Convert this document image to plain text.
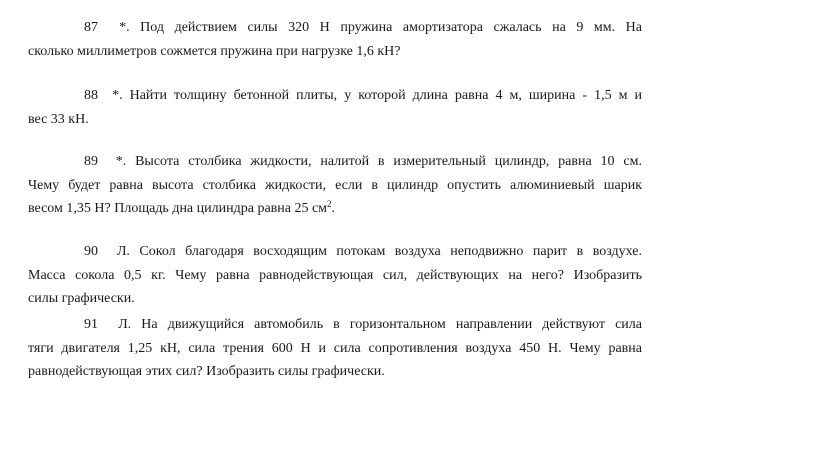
87 *. Под действием силы 320 Н пружина амортизатора сжалась на 9 мм. На
сколько миллиметров сожмется пружина при нагрузке 1,6 кН?
88 *. Найти толщину бетонной плиты, у которой длина равна 4 м, ширина - 1,5 м и
вес 33 кН.
89 *. Высота столбика жидкости, налитой в измерительный цилиндр, равна 10 см.
Чему будет равна высота столбика жидкости, если в цилиндр опустить алюминиевый шарик
весом 1,35 Н? Площадь дна цилиндра равна 25 $см^2$.
90 Л. Сокол благодаря восходящим потокам воздуха неподвижно парит в воздухе.
Масса сокола 0,5 кг. Чему равна равнодействующая сил, действующих на него? Изобразить
силы графически.
91 Л. На движущийся автомобиль в горизонтальном направлении действуют сила
тяги двигателя 1,25 кН, сила трения 600 Н и сила сопротивления воздуха 450 Н. Чему равна
равнодействующая этих сил? Изобразить силы графически.
